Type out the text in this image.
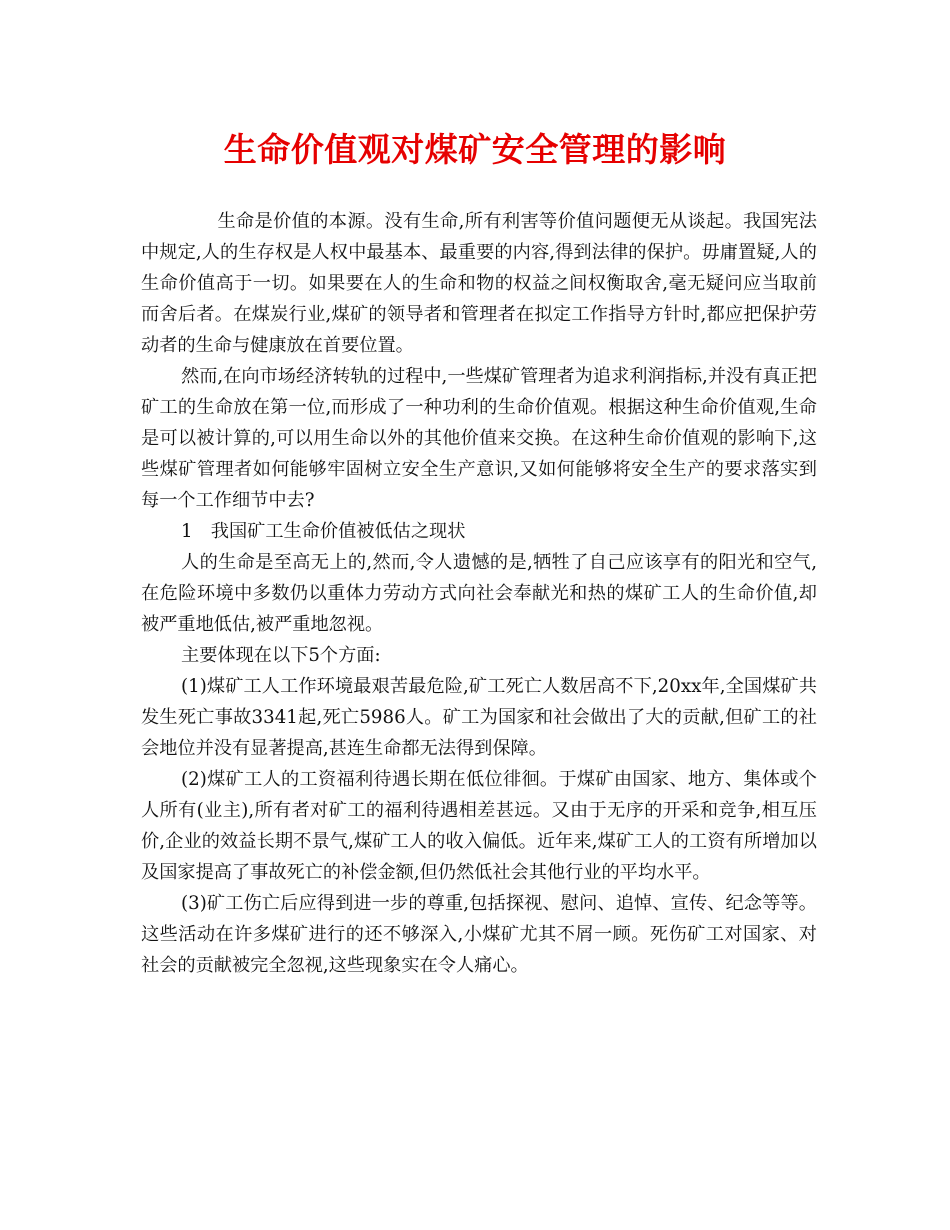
生命价值观对煤矿安全管理的影响

生命是价值的本源。没有生命,所有利害等价值问题便无从谈起。我国宪法中规定,人的生存权是人权中最基本、最重要的内容,得到法律的保护。毋庸置疑,人的生命价值高于一切。如果要在人的生命和物的权益之间权衡取舍,毫无疑问应当取前而舍后者。在煤炭行业,煤矿的领导者和管理者在拟定工作指导方针时,都应把保护劳动者的生命与健康放在首要位置。

然而,在向市场经济转轨的过程中,一些煤矿管理者为追求利润指标,并没有真正把矿工的生命放在第一位,而形成了一种功利的生命价值观。根据这种生命价值观,生命是可以被计算的,可以用生命以外的其他价值来交换。在这种生命价值观的影响下,这些煤矿管理者如何能够牢固树立安全生产意识,又如何能够将安全生产的要求落实到每一个工作细节中去?

1　我国矿工生命价值被低估之现状

人的生命是至高无上的,然而,令人遗憾的是,牺牲了自己应该享有的阳光和空气,在危险环境中多数仍以重体力劳动方式向社会奉献光和热的煤矿工人的生命价值,却被严重地低估,被严重地忽视。

主要体现在以下5个方面:

(1)煤矿工人工作环境最艰苦最危险,矿工死亡人数居高不下,20xx年,全国煤矿共发生死亡事故3341起,死亡5986人。矿工为国家和社会做出了大的贡献,但矿工的社会地位并没有显著提高,甚连生命都无法得到保障。

(2)煤矿工人的工资福利待遇长期在低位徘徊。于煤矿由国家、地方、集体或个人所有(业主),所有者对矿工的福利待遇相差甚远。又由于无序的开采和竞争,相互压价,企业的效益长期不景气,煤矿工人的收入偏低。近年来,煤矿工人的工资有所增加以及国家提高了事故死亡的补偿金额,但仍然低社会其他行业的平均水平。

(3)矿工伤亡后应得到进一步的尊重,包括探视、慰问、追悼、宣传、纪念等等。这些活动在许多煤矿进行的还不够深入,小煤矿尤其不屑一顾。死伤矿工对国家、对社会的贡献被完全忽视,这些现象实在令人痛心。
